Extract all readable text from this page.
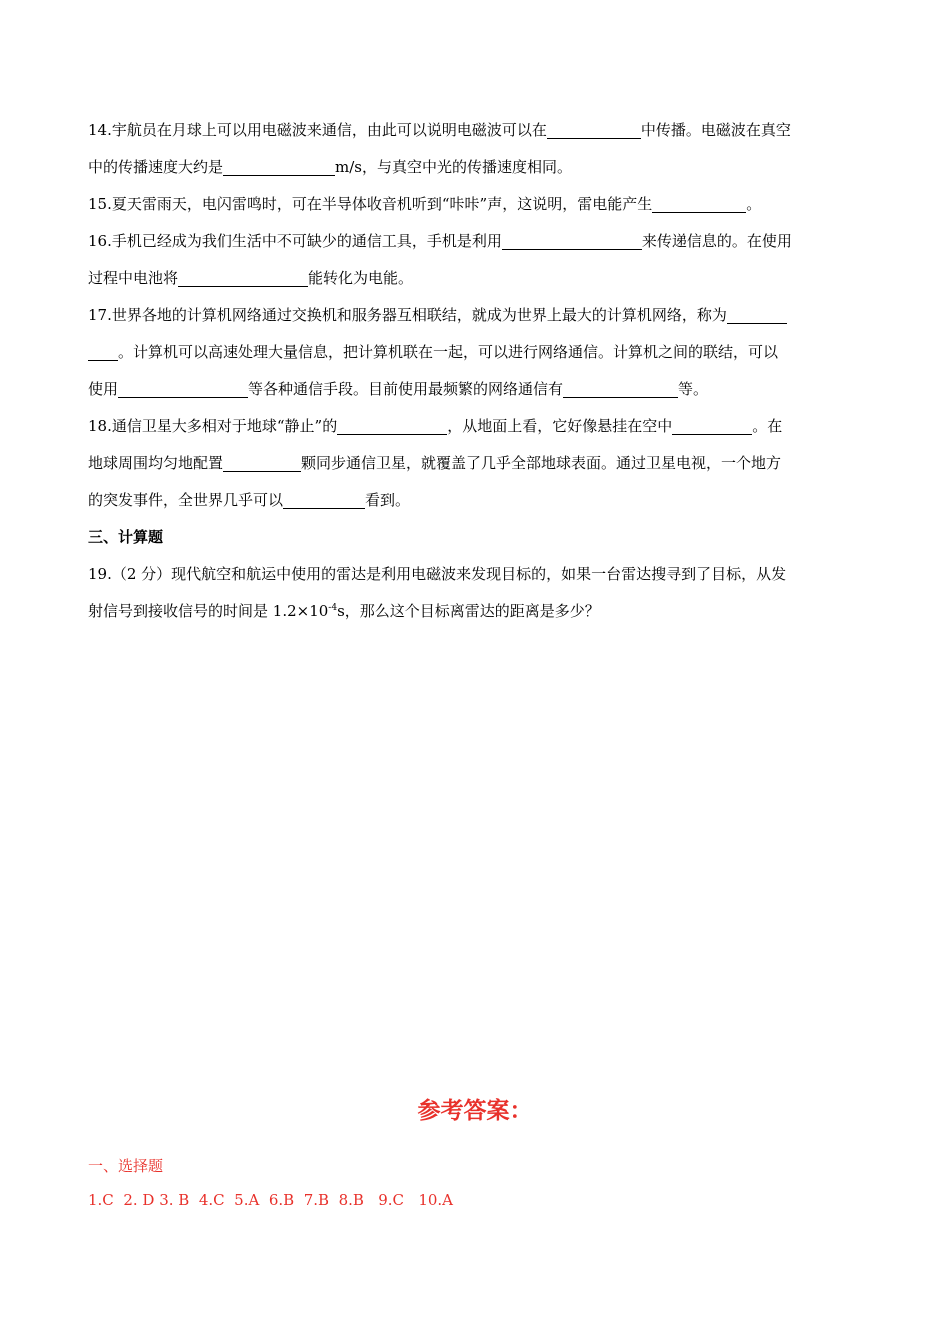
14.宇航员在月球上可以用电磁波来通信，由此可以说明电磁波可以在	中传播。电磁波在真空
中的传播速度大约是	m/s，与真空中光的传播速度相同。
15.夏天雷雨天，电闪雷鸣时，可在半导体收音机听到“咔咔”声，这说明，雷电能产生	。
16.手机已经成为我们生活中不可缺少的通信工具，手机是利用	来传递信息的。在使用
过程中电池将	能转化为电能。
17.世界各地的计算机网络通过交换机和服务器互相联结，就成为世界上最大的计算机网络，称为
。计算机可以高速处理大量信息，把计算机联在一起，可以进行网络通信。计算机之间的联结，可以
使用	等各种通信手段。目前使用最频繁的网络通信有	等。
18.通信卫星大多相对于地球“静止”的	，从地面上看，它好像悬挂在空中	。在
地球周围均匀地配置	颗同步通信卫星，就覆盖了几乎全部地球表面。通过卫星电视，一个地方
的突发事件，全世界几乎可以	看到。
三、计算题
19.（2 分）现代航空和航运中使用的雷达是利用电磁波来发现目标的，如果一台雷达搜寻到了目标，从发
射信号到接收信号的时间是 $1.2\times 10^{-4}s$，那么这个目标离雷达的距离是多少？
参考答案：
一、选择题
1.C  2. D 3. B  4.C  5.A  6.B  7.B  8.B   9.C   10.A
